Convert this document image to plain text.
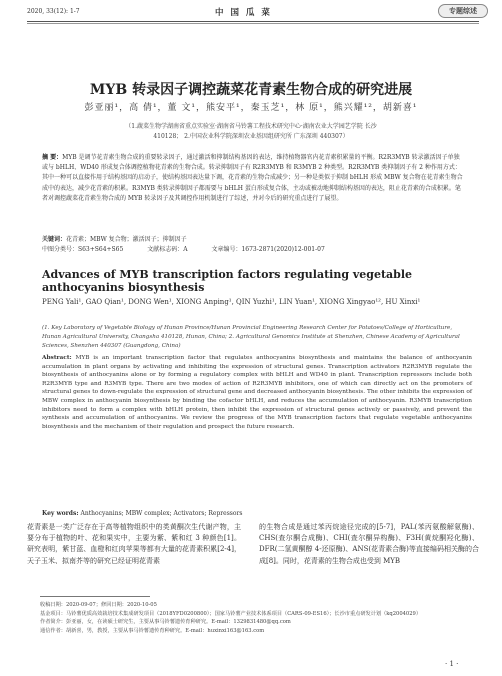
2020, 33(12): 1-7	中 国 瓜 菜	专题综述
MYB 转录因子调控蔬菜花青素生物合成的研究进展
彭亚丽¹，高 倩¹，董 文¹，熊安平¹，秦玉芝¹，林 原¹，熊兴耀¹²，胡新喜¹
（1.蔬菜生物学湖南省重点实验室·湖南省马铃薯工程技术研究中心·湖南农业大学园艺学院 长沙
410128； 2.中国农业科学院深圳农业基因组研究所 广东深圳 440307）
摘 要：MYB 是调节花青素生物合成的重要转录因子，通过激活和抑制结构基因的表达，维持植物器官内花青素积累量的平衡。R2R3MYB 转录激活因子单独或与 bHLH、WD40 形成复合体调控植物花青素的生物合成。转录抑制因子有 R2R3MYB 和 R3MYB 2 种类型。R2R3MYB 类抑制因子有 2 种作用方式：其中一种可以直接作用于结构基因的启动子，使结构基因表达量下调，花青素的生物合成减少；另一种是类似于抑制 bHLH 形成 MBW 复合物在花青素生物合成中的表达，减少花青素的积累。R3MYB 类转录抑制因子都需要与 bHLH 蛋白形成复合体，主动或被动地抑制结构基因的表达，阻止花青素的合成积累。笔者对调控蔬菜花青素生物合成的 MYB 转录因子及其调控作用机制进行了综述，并对今后的研究重点进行了展望。
关键词：花青素；MBW 复合物；激活因子；抑制因子
中图分类号：S63+S64+S65	文献标志码：A	文章编号：1673-2871(2020)12-001-07
Advances of MYB transcription factors regulating vegetable anthocyanins biosynthesis
PENG Yali¹, GAO Qian¹, DONG Wen¹, XIONG Anping¹, QIN Yuzhi¹, LIN Yuan¹, XIONG Xingyao¹², HU Xinxi¹
(1. Key Laboratory of Vegetable Biology of Hunan Province/Hunan Provincial Engineering Research Center for Potatoes/College of Horticulture, Hunan Agricultural University, Changsha 410128, Hunan, China; 2. Agricultural Genomics Institute at Shenzhen, Chinese Academy of Agricultural Sciences, Shenzhen 440307 (Guangdong, China)
Abstract: MYB is an important transcription factor that regulates anthocyanins biosynthesis and maintains the balance of anthocyanin accumulation in plant organs by activating and inhibiting the expression of structural genes. Transcription activators R2R3MYB regulate the biosynthesis of anthocyanins alone or by forming a regulatory complex with bHLH and WD40 in plant. Transcription repressors include both R2R3MYB type and R3MYB type. There are two modes of action of R2R3MYB inhibitors, one of which can directly act on the promoters of structural genes to down-regulate the expression of structural gene and decreased anthocyanin biosynthesis. The other inhibits the expression of MBW complex in anthocyanin biosynthesis by binding the cofactor bHLH, and reduces the accumulation of anthocyanin. R3MYB transcription inhibitors need to form a complex with bHLH protein, then inhibit the expression of structural genes actively or passively, and prevent the synthesis and accumulation of anthocyanins. We review the progress of the MYB transcription factors that regulate vegetable anthocyanins biosynthesis and the mechanism of their regulation and prospect the future research.
Key words: Anthocyanins; MBW complex; Activators; Repressors
花青素是一类广泛存在于高等植物组织中的类黄酮次生代谢产物，主要分布于植物的叶、花和果实中，主要为紫、紫和红 3 种颜色[1]。研究表明，紫甘蓝、血橙和红肉苹果等都有大量的花青素积累[2-4]，天子玉米、拟南芥等的研究已经证明花青素
的生物合成是通过苯丙烷途径完成的[5-7]，PAL(苯丙氨酸解氨酶)、CHS(查尔酮合成酶)、CHI(查尔酮异构酶)、F3H(黄烷酮羟化酶)、DFR(二氢黄酮醇 4-还原酶)、ANS(花青素合酶)等直接编码相关酶的合成[8]。同时，花青素的生物合成也受到 MYB
收稿日期：2020-09-07；修回日期：2020-10-05
基金项目：马铃薯优质高效栽培技术集成研发项目（2018YFD0200800）；国家马铃薯产业技术体系项目（CARS-09-ES16）；长沙市重点研发计划（kq2004029）
作者简介：彭亚丽，女，在读硕士研究生，主要从事马铃薯遗传育种研究。E-mail：1329831480@qq.com
通信作者：胡新喜，男，教授，主要从事马铃薯遗传育种研究。E-mail：huxinxi163@163.com
· 1 ·
